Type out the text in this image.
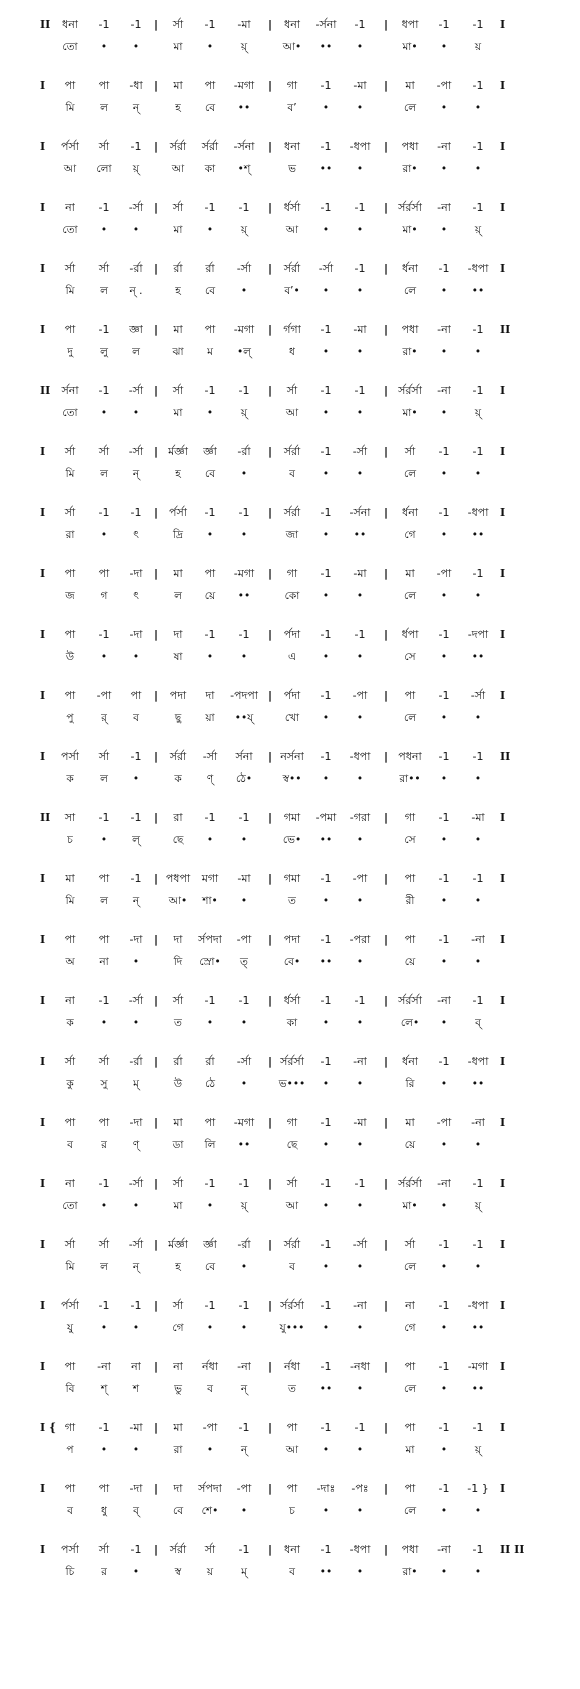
II	ধনা	-1	-1	র্সা	-1	-মা	ধনা	-র্সনা	-1	ধপা	-1	-1
|	|	|	I
তো	•	•	মা	•	য়্	আ•	••	•	মা•	•	য়
I	পা	পা	-ধা	মা	পা	-মগা	গা	-1	-মা	মা	-পা	-1
|	|	|	I
মি	ল	ন্	হ	বে	••	ব’	•	•	লে	•	•
I	র্পর্সা	র্সা	-1	র্সর্রা	র্সর্রা	-র্সনা	ধনা	-1	-ধপা	পধা	-না	-1
|	|	|	I
আ	লো	য়্	আ	কা	•শ্	ভ	••	•	রা•	•	•
I	না	-1	-র্সা	র্সা	-1	-1	র্ধর্সা	-1	-1	র্সর্রর্সা	-না	-1
|	|	|	I
তো	•	•	মা	•	য়্	আ	•	•	মা•	•	য়্
I	র্সা	র্সা	-র্রা	র্রা	র্রা	-র্সা	র্সর্রা	-র্সা	-1	র্ধনা	-1	-ধপা
|	|	|	I
মি	ল	ন্ .	হ	বে	•	ব’•	•	•	লে	•	••
I	পা	-1	জ্ঞা	মা	পা	-মগা	র্গগা	-1	-মা	পধা	-না	-1
|	|	|	II
দু	লু	ল	ঝা	ম	•ল্	ধ	•	•	রা•	•	•
II	র্সনা	-1	-র্সা	র্সা	-1	-1	র্সা	-1	-1	র্সর্রর্সা	-না	-1
|	|	|	I
তো	•	•	মা	•	য়্	আ	•	•	মা•	•	য়্
I	র্সা	র্সা	-র্সা	র্মর্জ্ঞা	র্জ্ঞা	-র্রা	র্সর্রা	-1	-র্সা	র্সা	-1	-1
|	|	|	I
মি	ল	ন্	হ	বে	•	ব	•	•	লে	•	•
I	র্সা	-1	-1	র্পর্সা	-1	-1	র্সর্রা	-1	-র্সনা	র্ধনা	-1	-ধপা
|	|	|	I
রা	•	ৎ	দ্রি	•	•	জা	•	••	গে	•	••
I	পা	পা	-দা	মা	পা	-মগা	গা	-1	-মা	মা	-পা	-1
|	|	|	I
জ	গ	ৎ	ল	য়ে	••	কো	•	•	লে	•	•
I	পা	-1	-দা	দা	-1	-1	র্পদা	-1	-1	র্ধপা	-1	-দপা
|	|	|	I
উ	•	•	ষা	•	•	এ	•	•	সে	•	••
I	পা	-পা	পা	পদা	দা	-পদপা	র্পদা	-1	-পা	পা	-1	-র্সা
|	|	|	I
পু	র্	ব	ছু	য়া	••য্	খো	•	•	লে	•	•
I	পর্সা	র্সা	-1	র্সর্রা	-র্সা	র্সনা	নর্সনা	-1	-ধপা	পধনা	-1	-1
|	|	|	II
ক	ল	•	ক	ণ্	ঠে•	স্ব••	•	•	রা••	•	•
II	সা	-1	-1	রা	-1	-1	গমা	-পমা	-গরা	গা	-1	-মা
|	|	|	I
চ	•	ল্	ছে	•	•	ভে•	••	•	সে	•	•
I	মা	পা	-1	পধপা	মগা	-মা	গমা	-1	-পা	পা	-1	-1
|	|	|	I
মি	ল	ন্	আ•	শা•	•	ত	•	•	রী	•	•
I	পা	পা	-দা	দা	র্সপদা	-পা	পদা	-1	-পরা	পা	-1	-না
|	|	|	I
অ	না	•	দি	স্রো•	ত্	বে•	••	•	য়ে	•	•
I	না	-1	-র্সা	র্সা	-1	-1	র্ধর্সা	-1	-1	র্সর্রর্সা	-না	-1
|	|	|	I
ক	•	•	ত	•	•	কা	•	•	লে•	•	ব্
I	র্সা	র্সা	-র্রা	র্রা	র্রা	-র্সা	র্সর্রর্সা	-1	-না	র্ধনা	-1	-ধপা
|	|	|	I
কু	সু	ম্	উ	ঠে	•	ভ•••	•	•	রি	•	••
I	পা	পা	-দা	মা	পা	-মগা	গা	-1	-মা	মা	-পা	-না
|	|	|	I
ব	র	ণ্	ডা	লি	••	ছে	•	•	য়ে	•	•
I	না	-1	-র্সা	র্সা	-1	-1	র্সা	-1	-1	র্সর্রর্সা	-না	-1
|	|	|	I
তো	•	•	মা	•	য়্	আ	•	•	মা•	•	য়্
I	র্সা	র্সা	-র্সা	র্মর্জ্ঞা	র্জ্ঞা	-র্রা	র্সর্রা	-1	-র্সা	র্সা	-1	-1
|	|	|	I
মি	ল	ন্	হ	বে	•	ব	•	•	লে	•	•
I	র্পর্সা	-1	-1	র্সা	-1	-1	র্সর্রর্সা	-1	-না	না	-1	-ধপা
|	|	|	I
যু	•	•	গে	•	•	যু•••	•	•	গে	•	••
I	পা	-না	না	না	র্নধা	-না	র্নধা	-1	-নধা	পা	-1	-মগা
|	|	|	I
বি	শ্	শ	ভু	ব	ন্	ত	••	•	লে	•	••
I { গা	-1	-মা	মা	-পা	-1	পা	-1	-1	পা	-1	-1
|	|	|	I
প	•	•	রা	•	ন্	আ	•	•	মা	•	য়্
I	পা	পা	-দা	দা	র্সপদা	-পা	পা	-দাঃ	-পঃ	পা	-1	-1 }
|	|	|	I
ব	ধু	ব্	বে	শে•	•	চ	•	•	লে	•	•
I	পর্সা	র্সা	-1	র্সর্রা	র্সা	-1	ধনা	-1	-ধপা	পধা	-না	-1
|	|	|	II II
চি	র	•	স্ব	য়	ম্	ব	••	•	রা•	•	•
